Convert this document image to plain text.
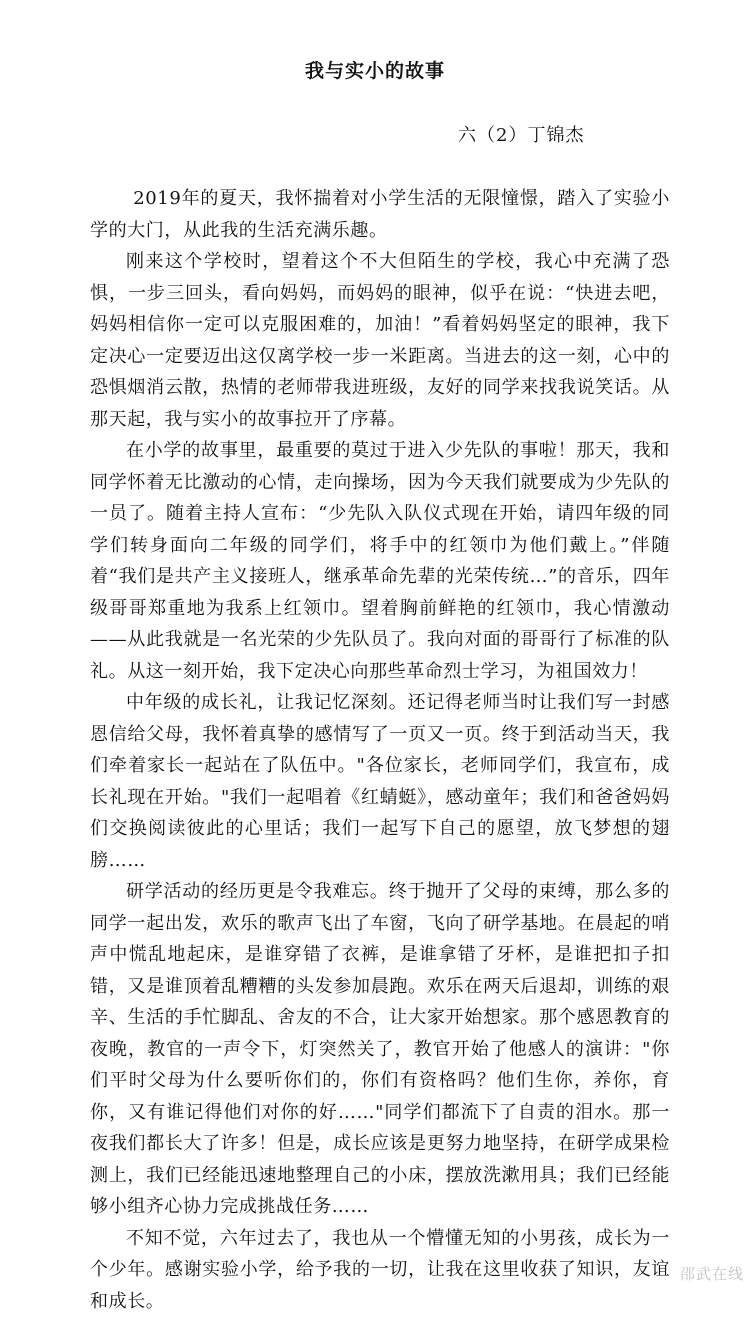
我与实小的故事
六（2）丁锦杰

2019年的夏天，我怀揣着对小学生活的无限憧憬，踏入了实验小学的大门，从此我的生活充满乐趣。

刚来这个学校时，望着这个不大但陌生的学校，我心中充满了恐惧，一步三回头，看向妈妈，而妈妈的眼神，似乎在说：“快进去吧，妈妈相信你一定可以克服困难的，加油！”看着妈妈坚定的眼神，我下定决心一定要迈出这仅离学校一步一米距离。当进去的这一刻，心中的恐惧烟消云散，热情的老师带我进班级，友好的同学来找我说笑话。从那天起，我与实小的故事拉开了序幕。

在小学的故事里，最重要的莫过于进入少先队的事啦！那天，我和同学怀着无比激动的心情，走向操场，因为今天我们就要成为少先队的一员了。随着主持人宣布：“少先队入队仪式现在开始，请四年级的同学们转身面向二年级的同学们，将手中的红领巾为他们戴上。”伴随着“我们是共产主义接班人，继承革命先辈的光荣传统…”的音乐，四年级哥哥郑重地为我系上红领巾。望着胸前鲜艳的红领巾，我心情激动——从此我就是一名光荣的少先队员了。我向对面的哥哥行了标准的队礼。从这一刻开始，我下定决心向那些革命烈士学习，为祖国效力！

中年级的成长礼，让我记忆深刻。还记得老师当时让我们写一封感恩信给父母，我怀着真挚的感情写了一页又一页。终于到活动当天，我们牵着家长一起站在了队伍中。"各位家长，老师同学们，我宣布，成长礼现在开始。"我们一起唱着《红蜻蜓》，感动童年；我们和爸爸妈妈们交换阅读彼此的心里话；我们一起写下自己的愿望，放飞梦想的翅膀……

研学活动的经历更是令我难忘。终于抛开了父母的束缚，那么多的同学一起出发，欢乐的歌声飞出了车窗，飞向了研学基地。在晨起的哨声中慌乱地起床，是谁穿错了衣裤，是谁拿错了牙杯，是谁把扣子扣错，又是谁顶着乱糟糟的头发参加晨跑。欢乐在两天后退却，训练的艰辛、生活的手忙脚乱、舍友的不合，让大家开始想家。那个感恩教育的夜晚，教官的一声令下，灯突然关了，教官开始了他感人的演讲："你们平时父母为什么要听你们的，你们有资格吗？他们生你，养你，育你，又有谁记得他们对你的好……"同学们都流下了自责的泪水。那一夜我们都长大了许多！但是，成长应该是更努力地坚持，在研学成果检测上，我们已经能迅速地整理自己的小床，摆放洗漱用具；我们已经能够小组齐心协力完成挑战任务……

不知不觉，六年过去了，我也从一个懵懂无知的小男孩，成长为一个少年。感谢实验小学，给予我的一切，让我在这里收获了知识，友谊和成长。

邵武在线
